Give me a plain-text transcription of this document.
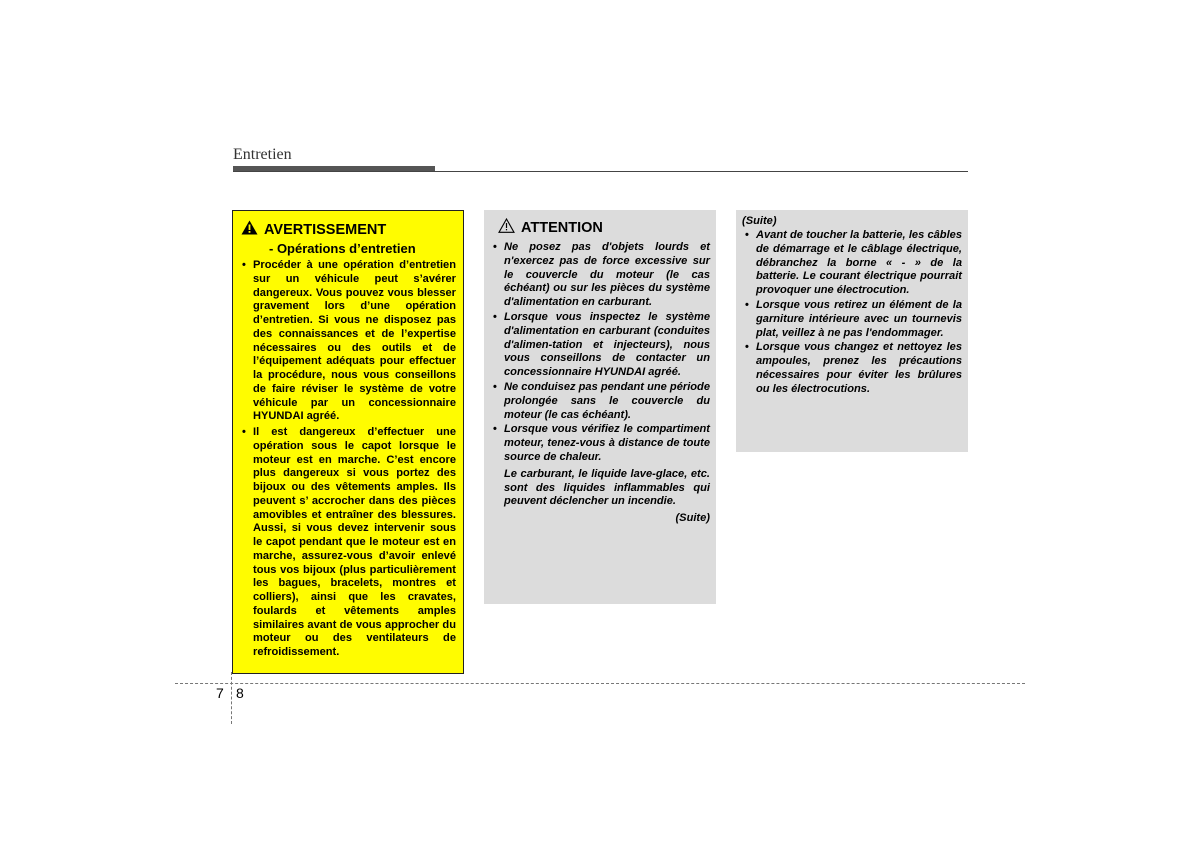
Entretien
AVERTISSEMENT
- Opérations d’entretien
• Procéder à une opération d’entretien sur un véhicule peut s’avérer dangereux. Vous pouvez vous blesser gravement lors d’une opération d’entretien. Si vous ne disposez pas des connaissances et de l’expertise nécessaires ou des outils et de l’équipement adéquats pour effectuer la procédure, nous vous conseillons de faire réviser le système de votre véhicule par un concessionnaire HYUNDAI agréé.
• Il est dangereux d’effectuer une opération sous le capot lorsque le moteur est en marche. C’est encore plus dangereux si vous portez des bijoux ou des vêtements amples. Ils peuvent s’ accrocher dans des pièces amovibles et entraîner des blessures. Aussi, si vous devez intervenir sous le capot pendant que le moteur est en marche, assurez-vous d’avoir enlevé tous vos bijoux (plus particulièrement les bagues, bracelets, montres et colliers), ainsi que les cravates, foulards et vêtements amples similaires avant de vous approcher du moteur ou des ventilateurs de refroidissement.
ATTENTION
• Ne posez pas d'objets lourds et n'exercez pas de force excessive sur le couvercle du moteur (le cas échéant) ou sur les pièces du système d'alimentation en carburant.
• Lorsque vous inspectez le système d'alimentation en carburant (conduites d'alimen-tation et injecteurs), nous vous conseillons de contacter un concessionnaire HYUNDAI agréé.
• Ne conduisez pas pendant une période prolongée sans le couvercle du moteur (le cas échéant).
• Lorsque vous vérifiez le compartiment moteur, tenez-vous à distance de toute source de chaleur.
Le carburant, le liquide lave-glace, etc. sont des liquides inflammables qui peuvent déclencher un incendie.
(Suite)
(Suite)
• Avant de toucher la batterie, les câbles de démarrage et le câblage électrique, débranchez la borne « - » de la batterie. Le courant électrique pourrait provoquer une électrocution.
• Lorsque vous retirez un élément de la garniture intérieure avec un tournevis plat, veillez à ne pas l'endommager.
• Lorsque vous changez et nettoyez les ampoules, prenez les précautions nécessaires pour éviter les brûlures ou les électrocutions.
7 8
